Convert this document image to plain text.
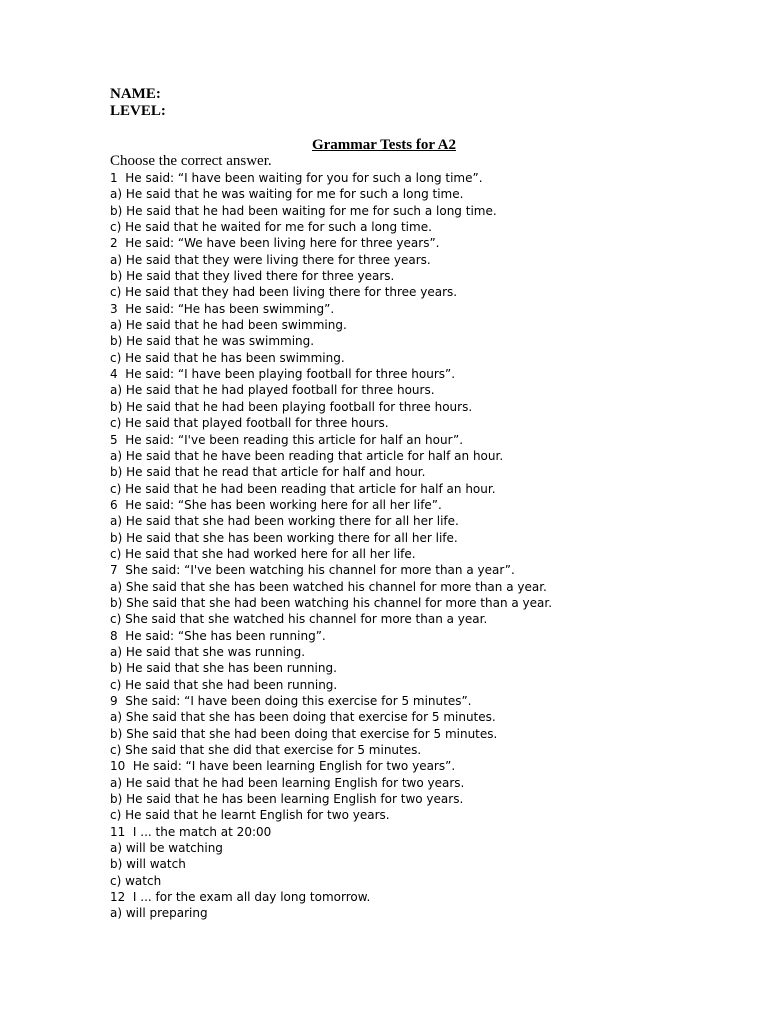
NAME:
LEVEL:
Grammar Tests for A2
Choose the correct answer.
1 He said: “I have been waiting for you for such a long time”.
a) He said that he was waiting for me for such a long time.
b) He said that he had been waiting for me for such a long time.
c) He said that he waited for me for such a long time.
2 He said: “We have been living here for three years”.
a) He said that they were living there for three years.
b) He said that they lived there for three years.
c) He said that they had been living there for three years.
3 He said: “He has been swimming”.
a) He said that he had been swimming.
b) He said that he was swimming.
c) He said that he has been swimming.
4 He said: “I have been playing football for three hours”.
a) He said that he had played football for three hours.
b) He said that he had been playing football for three hours.
c) He said that played football for three hours.
5 He said: “I've been reading this article for half an hour”.
a) He said that he have been reading that article for half an hour.
b) He said that he read that article for half and hour.
c) He said that he had been reading that article for half an hour.
6 He said: “She has been working here for all her life”.
a) He said that she had been working there for all her life.
b) He said that she has been working there for all her life.
c) He said that she had worked here for all her life.
7 She said: “I've been watching his channel for more than a year”.
a) She said that she has been watched his channel for more than a year.
b) She said that she had been watching his channel for more than a year.
c) She said that she watched his channel for more than a year.
8 He said: “She has been running”.
a) He said that she was running.
b) He said that she has been running.
c) He said that she had been running.
9 She said: “I have been doing this exercise for 5 minutes”.
a) She said that she has been doing that exercise for 5 minutes.
b) She said that she had been doing that exercise for 5 minutes.
c) She said that she did that exercise for 5 minutes.
10 He said: “I have been learning English for two years”.
a) He said that he had been learning English for two years.
b) He said that he has been learning English for two years.
c) He said that he learnt English for two years.
11 I ... the match at 20:00
a) will be watching
b) will watch
c) watch
12 I ... for the exam all day long tomorrow.
a) will preparing
